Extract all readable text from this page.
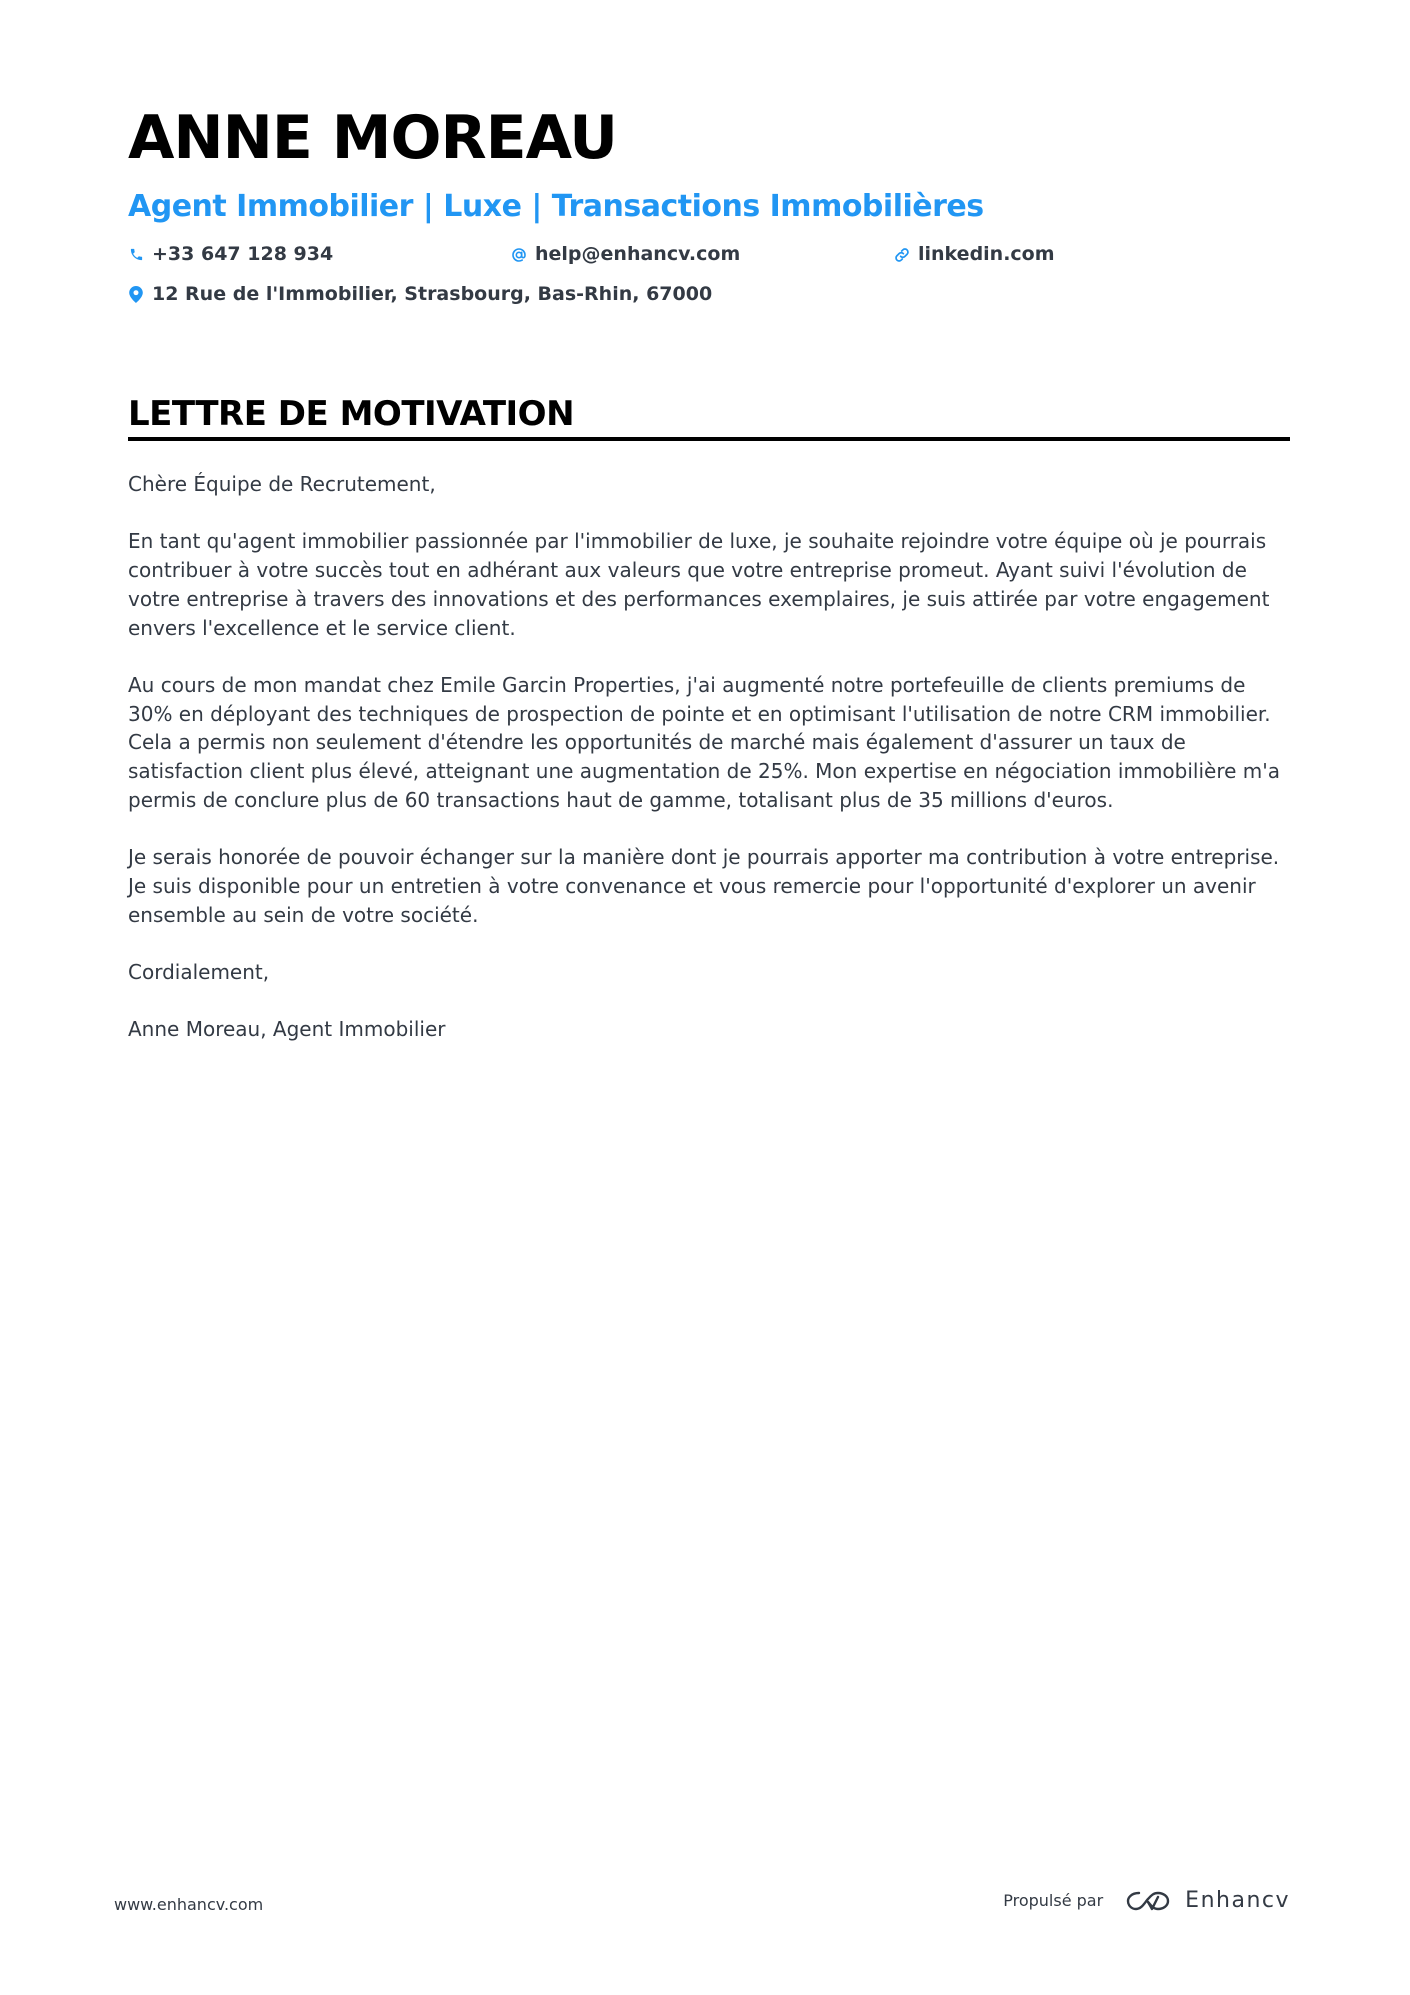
ANNE MOREAU
Agent Immobilier | Luxe | Transactions Immobilières
+33 647 128 934	help@enhancv.com	linkedin.com
12 Rue de l'Immobilier, Strasbourg, Bas-Rhin, 67000
LETTRE DE MOTIVATION

Chère Équipe de Recrutement,

En tant qu'agent immobilier passionnée par l'immobilier de luxe, je souhaite rejoindre votre équipe où je pourrais contribuer à votre succès tout en adhérant aux valeurs que votre entreprise promeut. Ayant suivi l'évolution de votre entreprise à travers des innovations et des performances exemplaires, je suis attirée par votre engagement envers l'excellence et le service client.

Au cours de mon mandat chez Emile Garcin Properties, j'ai augmenté notre portefeuille de clients premiums de 30% en déployant des techniques de prospection de pointe et en optimisant l'utilisation de notre CRM immobilier. Cela a permis non seulement d'étendre les opportunités de marché mais également d'assurer un taux de satisfaction client plus élevé, atteignant une augmentation de 25%. Mon expertise en négociation immobilière m'a permis de conclure plus de 60 transactions haut de gamme, totalisant plus de 35 millions d'euros.

Je serais honorée de pouvoir échanger sur la manière dont je pourrais apporter ma contribution à votre entreprise. Je suis disponible pour un entretien à votre convenance et vous remercie pour l'opportunité d'explorer un avenir ensemble au sein de votre société.

Cordialement,

Anne Moreau, Agent Immobilier

www.enhancv.com	Propulsé par	Enhancv
